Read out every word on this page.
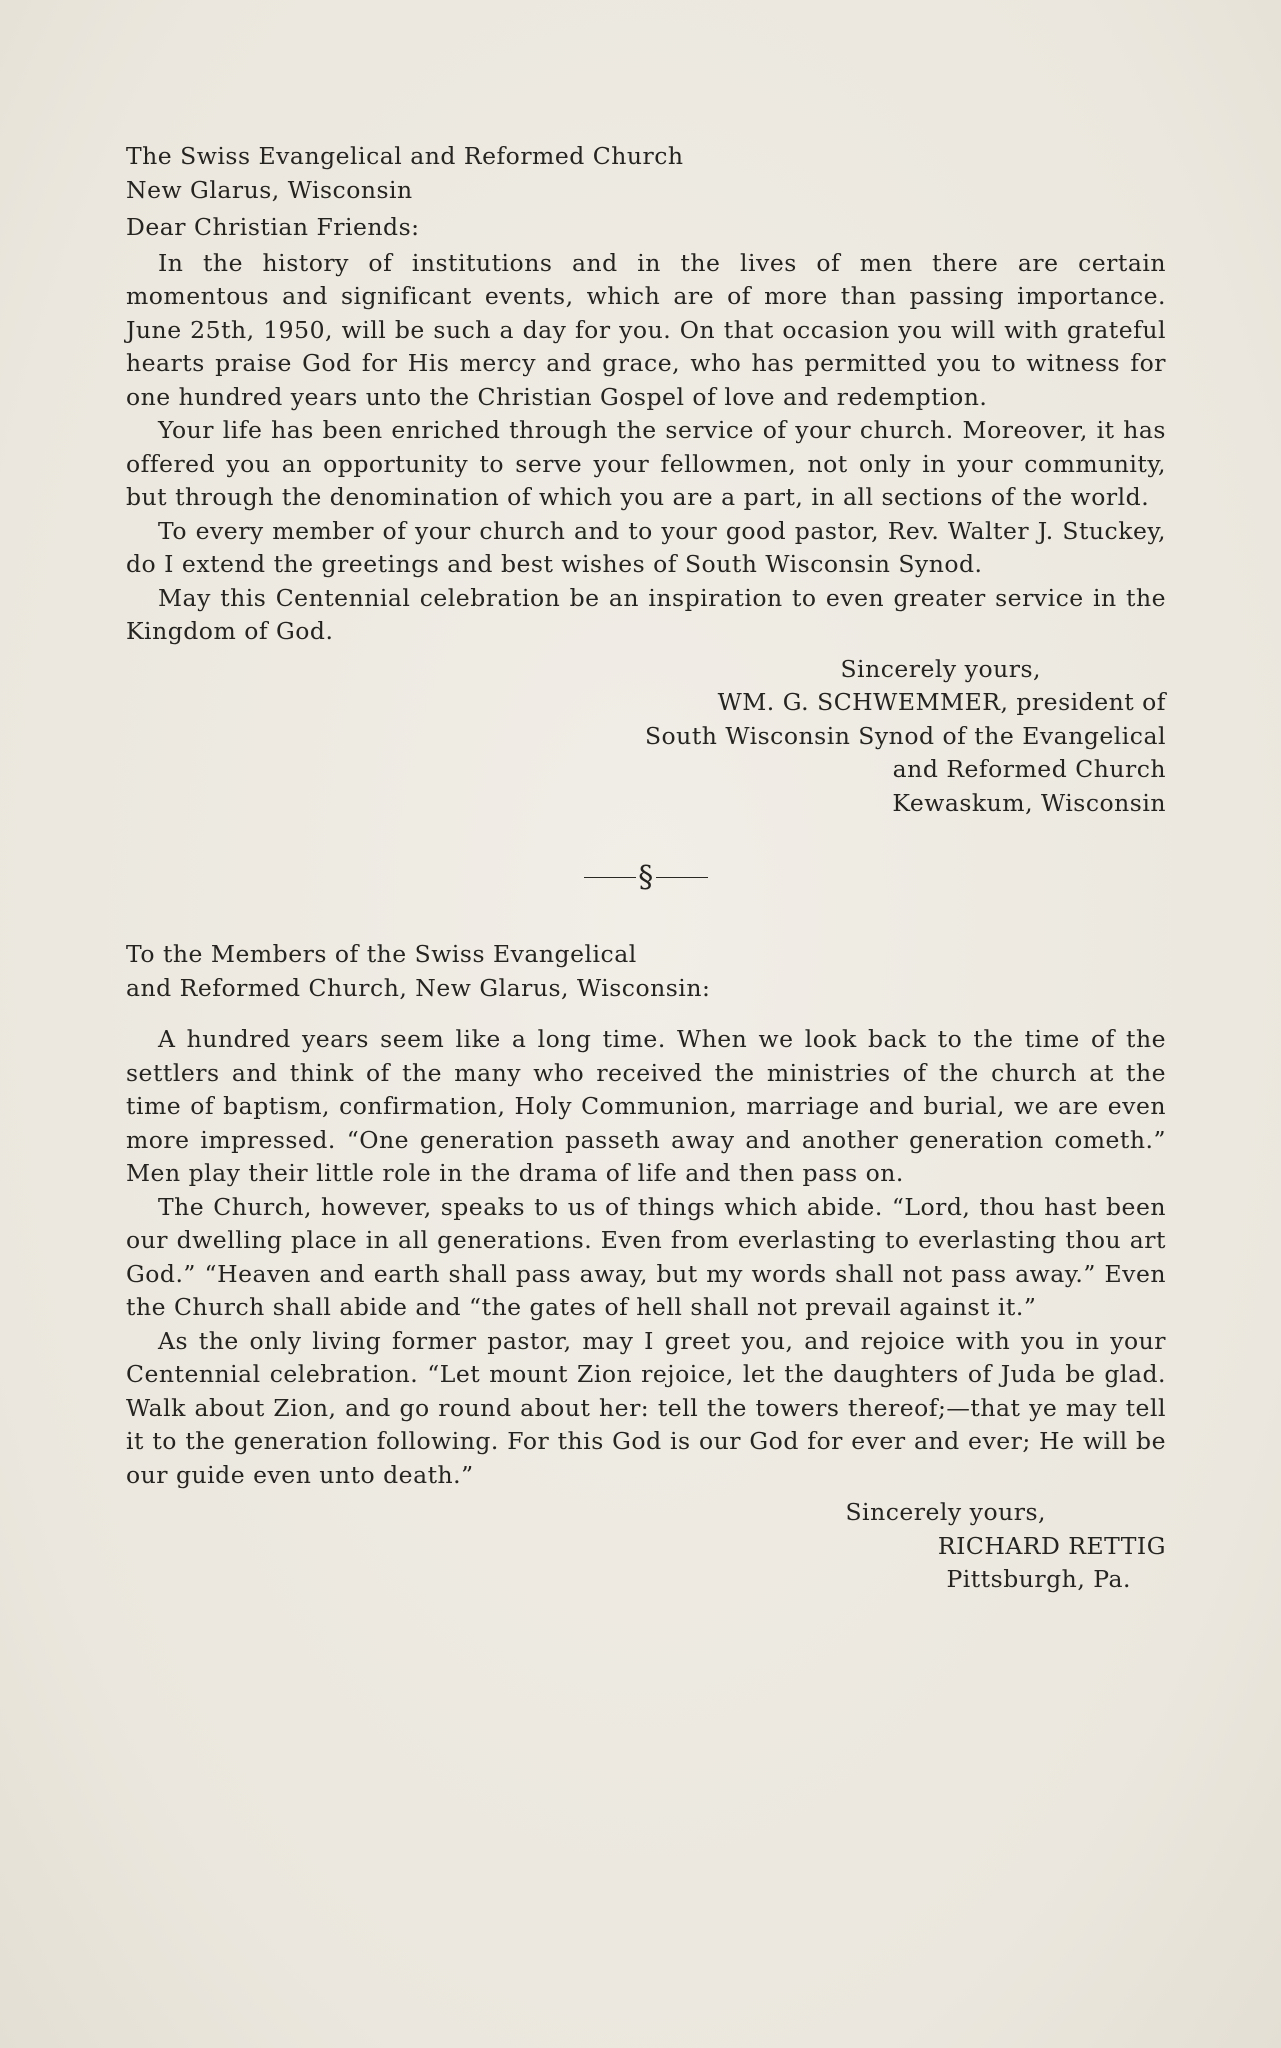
The Swiss Evangelical and Reformed Church
New Glarus, Wisconsin
Dear Christian Friends:

In the history of institutions and in the lives of men there are certain momentous and significant events, which are of more than passing importance. June 25th, 1950, will be such a day for you. On that occasion you will with grateful hearts praise God for His mercy and grace, who has permitted you to witness for one hundred years unto the Christian Gospel of love and redemption.

Your life has been enriched through the service of your church. Moreover, it has offered you an opportunity to serve your fellowmen, not only in your community, but through the denomination of which you are a part, in all sections of the world.

To every member of your church and to your good pastor, Rev. Walter J. Stuckey, do I extend the greetings and best wishes of South Wisconsin Synod.

May this Centennial celebration be an inspiration to even greater service in the Kingdom of God.

Sincerely yours,
WM. G. SCHWEMMER, president of
South Wisconsin Synod of the Evangelical
and Reformed Church
Kewaskum, Wisconsin
§
To the Members of the Swiss Evangelical
and Reformed Church, New Glarus, Wisconsin:

A hundred years seem like a long time. When we look back to the time of the settlers and think of the many who received the ministries of the church at the time of baptism, confirmation, Holy Communion, marriage and burial, we are even more impressed. “One generation passeth away and another generation cometh.” Men play their little role in the drama of life and then pass on.

The Church, however, speaks to us of things which abide. “Lord, thou hast been our dwelling place in all generations. Even from everlasting to everlasting thou art God.” “Heaven and earth shall pass away, but my words shall not pass away.” Even the Church shall abide and “the gates of hell shall not prevail against it.”

As the only living former pastor, may I greet you, and rejoice with you in your Centennial celebration. “Let mount Zion rejoice, let the daughters of Juda be glad. Walk about Zion, and go round about her: tell the towers thereof;—that ye may tell it to the generation following. For this God is our God for ever and ever; He will be our guide even unto death.”

Sincerely yours,
RICHARD RETTIG
Pittsburgh, Pa.
